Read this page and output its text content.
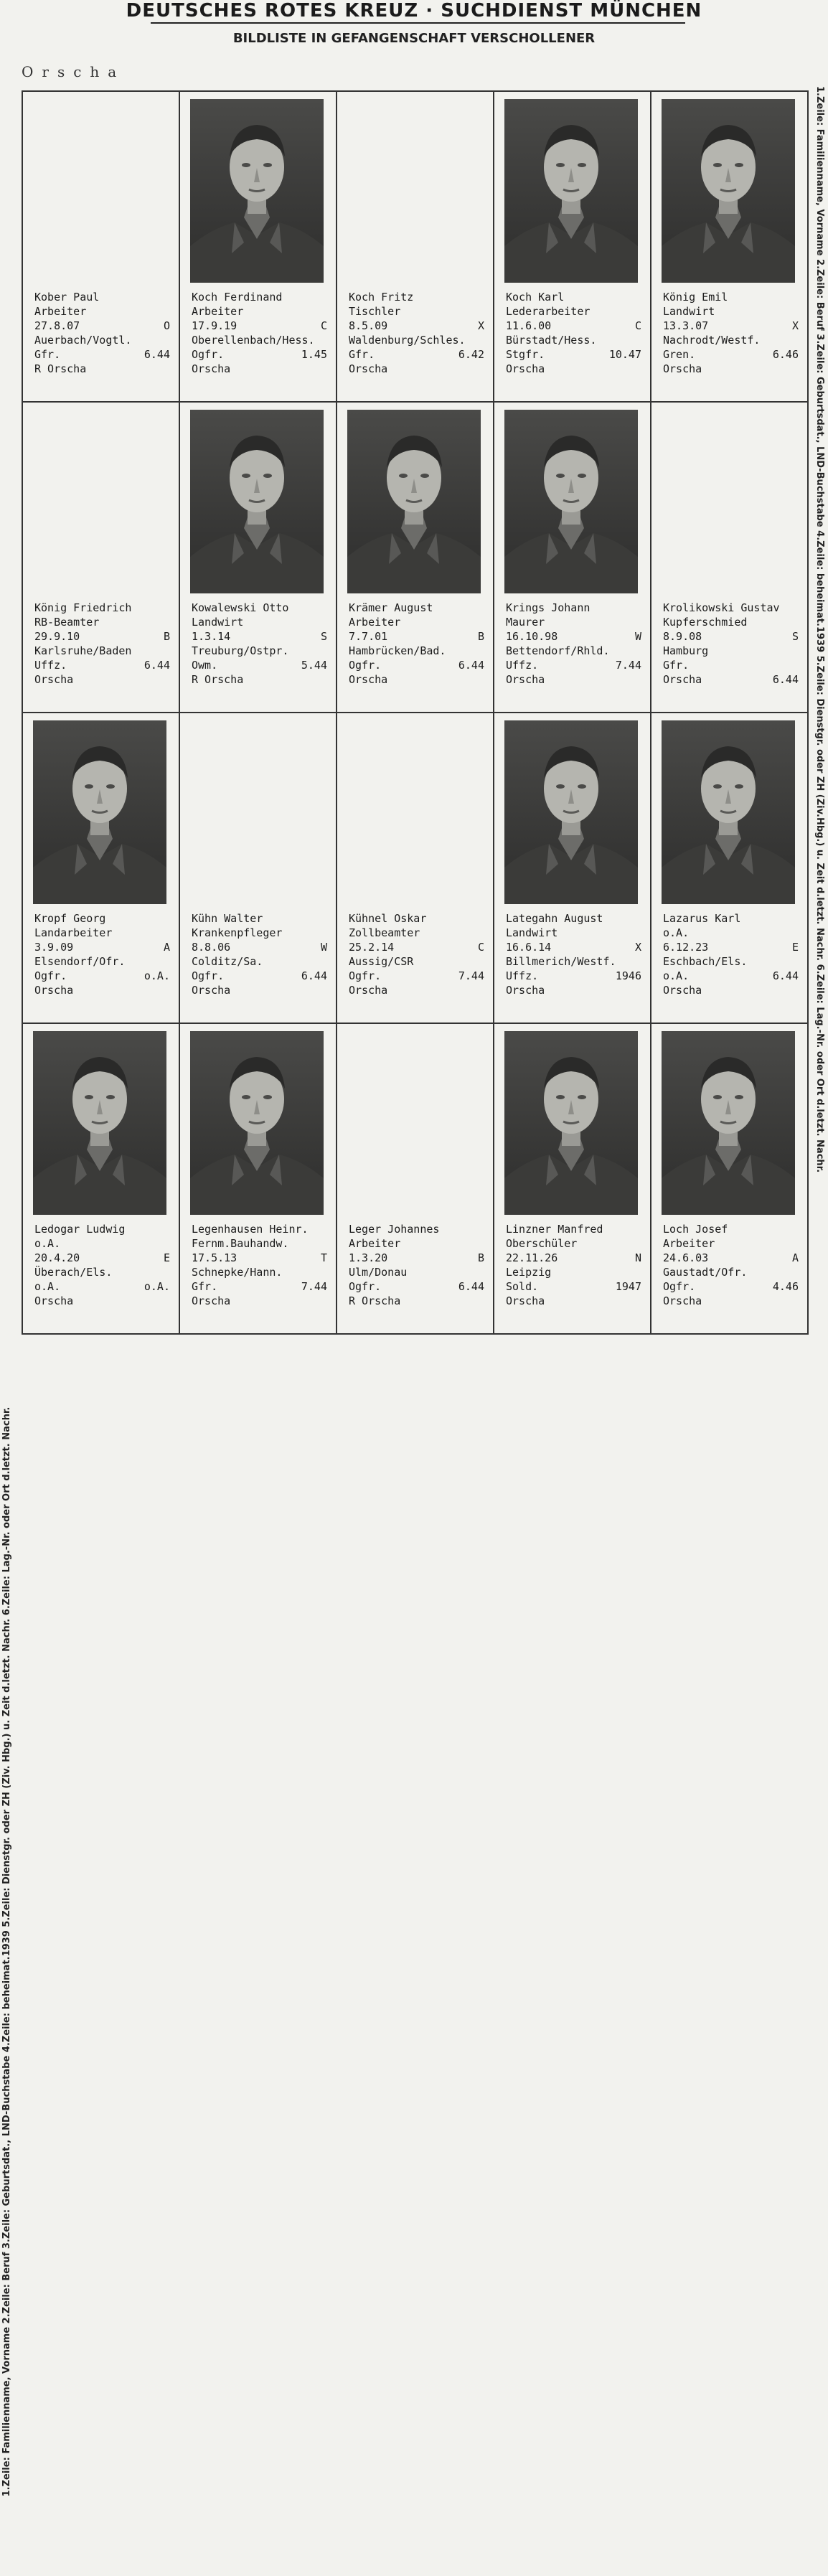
DEUTSCHES ROTES KREUZ · SUCHDIENST MÜNCHEN
BILDLISTE IN GEFANGENSCHAFT VERSCHOLLENER
Orscha
1.Zeile: Familienname, Vorname 2.Zeile: Beruf 3.Zeile: Geburtsdat., LND-Buchstabe 4.Zeile: beheimat.1939 5.Zeile: Dienstgr. oder ZH (Ziv. Hbg.) u. Zeit d.letzt. Nachr. 6.Zeile: Lag.-Nr. oder Ort d.letzt. Nachr.
1.Zeile: Familienname, Vorname 2.Zeile: Beruf 3.Zeile: Geburtsdat., LND-Buchstabe 4.Zeile: beheimat.1939 5.Zeile: Dienstgr. oder ZH (Ziv.Hbg.) u. Zeit d.letzt. Nachr. 6.Zeile: Lag.-Nr. oder Ort d.letzt. Nachr.
Kober Paul
Arbeiter
27.8.07	O
Auerbach/Vogtl.
Gfr.	6.44
R Orscha
Koch Ferdinand
Arbeiter
17.9.19	C
Oberellenbach/Hess.
Ogfr.	1.45
Orscha
Koch Fritz
Tischler
8.5.09	X
Waldenburg/Schles.
Gfr.	6.42
Orscha
Koch Karl
Lederarbeiter
11.6.00	C
Bürstadt/Hess.
Stgfr.	10.47
Orscha
König Emil
Landwirt
13.3.07	X
Nachrodt/Westf.
Gren.	6.46
Orscha
König Friedrich
RB-Beamter
29.9.10	B
Karlsruhe/Baden
Uffz.	6.44
Orscha
Kowalewski Otto
Landwirt
1.3.14	S
Treuburg/Ostpr.
Owm.	5.44
R Orscha
Krämer August
Arbeiter
7.7.01	B
Hambrücken/Bad.
Ogfr.	6.44
Orscha
Krings Johann
Maurer
16.10.98	W
Bettendorf/Rhld.
Uffz.	7.44
Orscha
Krolikowski Gustav
Kupferschmied
8.9.08	S
Hamburg
Gfr.
Orscha	6.44
Kropf Georg
Landarbeiter
3.9.09	A
Elsendorf/Ofr.
Ogfr.	o.A.
Orscha
Kühn Walter
Krankenpfleger
8.8.06	W
Colditz/Sa.
Ogfr.	6.44
Orscha
Kühnel Oskar
Zollbeamter
25.2.14	C
Aussig/CSR
Ogfr.	7.44
Orscha
Lategahn August
Landwirt
16.6.14	X
Billmerich/Westf.
Uffz.	1946
Orscha
Lazarus Karl
o.A.
6.12.23	E
Eschbach/Els.
o.A.	6.44
Orscha
Ledogar Ludwig
o.A.
20.4.20	E
Überach/Els.
o.A.	o.A.
Orscha
Legenhausen Heinr.
Fernm.Bauhandw.
17.5.13	T
Schnepke/Hann.
Gfr.	7.44
Orscha
Leger Johannes
Arbeiter
1.3.20	B
Ulm/Donau
Ogfr.	6.44
R Orscha
Linzner Manfred
Oberschüler
22.11.26	N
Leipzig
Sold.	1947
Orscha
Loch Josef
Arbeiter
24.6.03	A
Gaustadt/Ofr.
Ogfr.	4.46
Orscha
